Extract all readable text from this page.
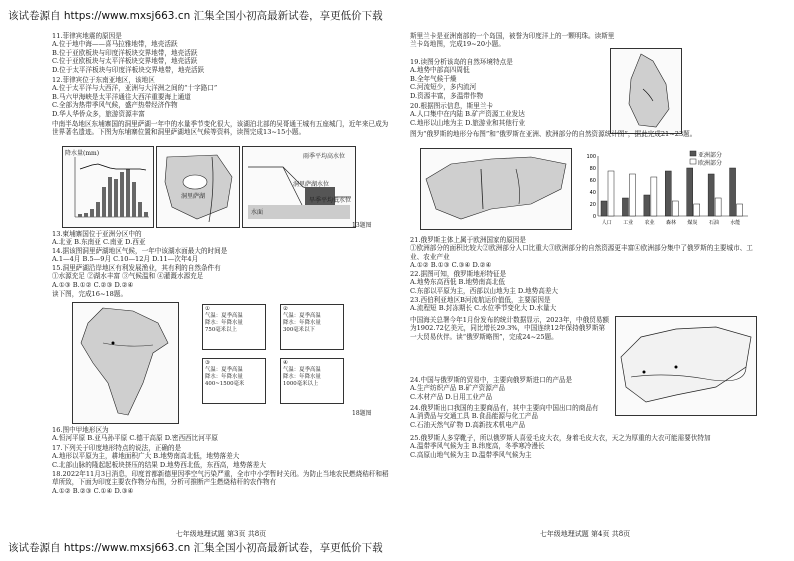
该试卷源自 https://www.mxsj663.cn 汇集全国小初高最新试卷，享更低价下载
11.菲律宾地震的原因是
A.位于地中海——喜马拉雅地带，地壳活跃
B.位于亚欧板块与印度洋板块交界地带，地壳活跃
C.位于亚欧板块与太平洋板块交界地带，地壳活跃
D.位于太平洋板块与印度洋板块交界地带，地壳活跃
12.菲律宾位于东南亚地区，该地区
A.位于太平洋与大西洋，亚洲与大洋洲之间的“十字路口”
B.马六甲海峡是太平洋通往大西洋重要海上通道
C.全部为热带季风气候，盛产热带经济作物
D.华人华侨众多，旅游资源丰富
中南半岛地区东埔寨国的洞里萨湖一年中的水量季节变化很大，该湖泊北部的吴哥通王城有五座城门，近年来已成为世界著名遗迹。下图为东埔寨位置和洞里萨湖地区气候等资料，读图完成13~15小题。
降水量(mm)
洞里萨湖
雨季平均高水位
洞里萨湖水位
旱季平均低水位
水面
13题图
13.柬埔寨国位于亚洲分区中的
A.北亚 B.东南亚 C.南亚 D.西亚
14.据该图洞里萨湖地区气候，一年中该湖水面最大的时间是
A.1—4月 B.5—9月 C.10—12月 D.11—次年4月
15.洞里萨湖沿岸地区有利发展渔业，其有利的自然条件有
①水源充足 ②湖水丰富 ③气候温和 ④灌溉水源充足
A.①③ B.①② C.②③ D.②④
读下图，完成16~18题。
①
气温：夏季高温
降水：年降水量
750毫米以上
②
气温：夏季高温
降水：年降水量
300毫米以下
③
气温：夏季高温
降水：年降水量
400~1500毫米
④
气温：夏季高温
降水：年降水量
1000毫米以上
18题图
16.图中甲地形区为
A.恒河平原 B.亚马孙平原 C.德干高原 D.密西西比河平原
17.下列关于印度地形特点的说法，正确的是
A.地形以平原为主，耕地面积广大 B.地势南高北低，地势落差大
C.北部山脉的隆起起板块挤压的结果 D.地势西北低，东西高，地势落差大
18.2022年11月3日消息，印度首都新德里因季空气污染严重，全市中小学暂时关闭。为防止当地农民燃烧秸秆和稻草所致，下面为印度主要农作物分布图，分析可推断产生燃烧秸秆的农作物有
A.①② B.②③ C.①④ D.③④
七年级地理试题 第3页 共8页
斯里兰卡是亚洲南部的一个岛国，被誉为印度洋上的一颗明珠。读斯里兰卡岛地图，完成19~20小题。
19.读图分析该岛的自然环境特点是
A.地势中部高四周低
B.全年气候干燥
C.河流短少，多内流河
D.资源丰富，多温带作物
20.根据图示信息，斯里兰卡
A.人口集中在内陆 B.矿产资源工业发达
C.地形以山地为主 D.旅游业和其他行业
图为“俄罗斯的地形分布图”和“俄罗斯在亚洲、欧洲部分的自然资源统计图”，据此完成21~23题。
100
80
60
40
20
0
人口 工业 农业 森林 煤炭 石油 水能
亚洲部分
欧洲部分
21.俄罗斯主体上属于欧洲国家的原因是
①欧洲部分的面积比较大②欧洲部分人口比重大③欧洲部分的自然资源更丰富④欧洲部分集中了俄罗斯的主要城市、工业、农业产业
A.①② B.①③ C.③④ D.②④
22.据图可知，俄罗斯地形特征是
A.地势东高西低 B.地势南高北低
C.东部以平原为主，西部以山地为主 D.地势高差大
23.西伯利亚地区B河流航运价值低，主要原因是
A.流程短 B.封冻期长 C.水位季节变化大 D.水量大
中国海关总署今年1月份发布的统计数据显示，2023年，中俄贸易额为1902.72亿美元，同比增长29.3%，中国连续12年保持俄罗斯第一大贸易伙伴。读“俄罗斯略图”，完成24~25题。
24.中国与俄罗斯的贸易中，主要向俄罗斯进口的产品是
A.生产纺织产品 B.矿产资源产品
C.木材产品 D.日用工业产品
24.俄罗斯出口我国的主要商品有，其中主要向中国出口的商品有
A.消费品与交通工具 B.食品能源与化工产品
C.石油天然气矿物 D.高新技术机电产品
25.俄罗斯人多穿靴子，所以俄罗斯人喜爱毛皮大衣，身着毛皮大衣，天之为厚重的大衣可能需要伏特加
A.温带季风气候为主 B.纬度高，冬季寒冷漫长
C.高原山地气候为主 D.温带季风气候为主
七年级地理试题 第4页 共8页
该试卷源自 https://www.mxsj663.cn 汇集全国小初高最新试卷，享更低价下载
